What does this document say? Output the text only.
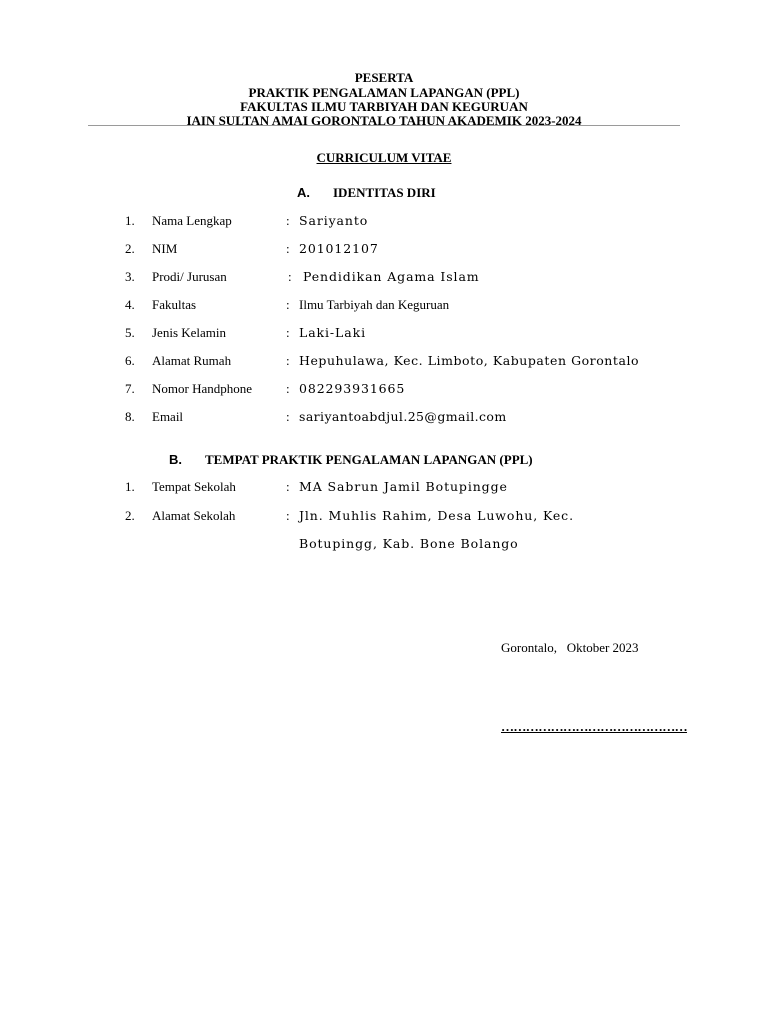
PESERTA
PRAKTIK PENGALAMAN LAPANGAN (PPL)
FAKULTAS ILMU TARBIYAH DAN KEGURUAN
IAIN SULTAN AMAI GORONTALO TAHUN AKADEMIK 2023-2024
CURRICULUM VITAE
A. IDENTITAS DIRI
1. Nama Lengkap	: Sariyanto
2. NIM	: 201012107
3. Prodi/ Jurusan	: Pendidikan Agama Islam
4. Fakultas	: Ilmu Tarbiyah dan Keguruan
5. Jenis Kelamin	: Laki-Laki
6. Alamat Rumah	: Hepuhulawa, Kec. Limboto, Kabupaten Gorontalo
7. Nomor Handphone	: 082293931665
8. Email	: sariyantoabdjul.25@gmail.com
B. TEMPAT PRAKTIK PENGALAMAN LAPANGAN (PPL)
1. Tempat Sekolah	: MA Sabrun Jamil Botupingge
2. Alamat Sekolah	: Jln. Muhlis Rahim, Desa Luwohu, Kec.
Botupingg, Kab. Bone Bolango
Gorontalo,   Oktober 2023
………………………………………
